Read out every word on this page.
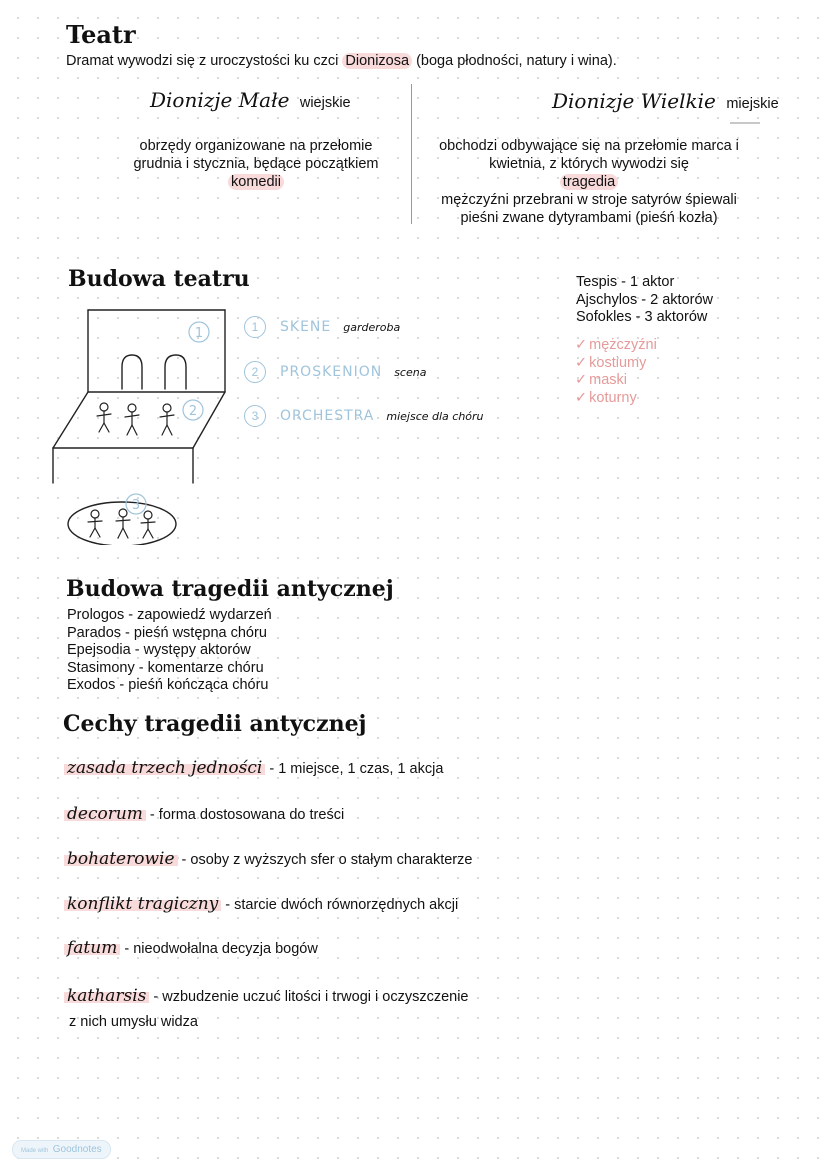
Teatr
Dramat wywodzi się z uroczystości ku czci Dionizosa (boga płodności, natury i wina).
Dionizje Małe wiejskie
obrzędy organizowane na przełomie grudnia i stycznia, będące początkiem
komedii
Dionizje Wielkie miejskie
obchodzi odbywające się na przełomie marca i kwietnia, z których wywodzi się
tragedia
mężczyźni przebrani w stroje satyrów śpiewali pieśni zwane dytyrambami (pieśń kozła)
Budowa teatru
1
2
3
1 SKENE garderoba
2 PROSKENION scena
3 ORCHESTRA miejsce dla chóru
Tespis - 1 aktor
Ajschylos - 2 aktorów
Sofokles - 3 aktorów
✓ mężczyźni
✓ kostiumy
✓ maski
✓ koturny
Budowa tragedii antycznej
Prologos - zapowiedź wydarzeń
Parados - pieśń wstępna chóru
Epejsodia - występy aktorów
Stasimony - komentarze chóru
Exodos - pieśń kończąca chóru
Cechy tragedii antycznej
zasada trzech jedności - 1 miejsce, 1 czas, 1 akcja
decorum - forma dostosowana do treści
bohaterowie - osoby z wyższych sfer o stałym charakterze
konflikt tragiczny - starcie dwóch równorzędnych akcji
fatum - nieodwołalna decyzja bogów
katharsis - wzbudzenie uczuć litości i trwogi i oczyszczenie
z nich umysłu widza
Made with Goodnotes
